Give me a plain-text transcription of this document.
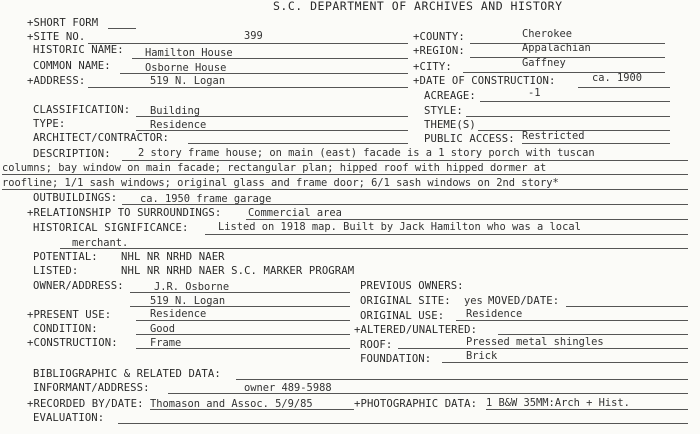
S.C. DEPARTMENT OF ARCHIVES AND HISTORY
+SHORT FORM
+SITE NO.	399	+COUNTY:	Cherokee
HISTORIC NAME: Hamilton House	+REGION:	Appalachian
COMMON NAME:	Osborne House	+CITY:	Gaffney
+ADDRESS:	519 N. Logan	+DATE OF CONSTRUCTION:	ca. 1900
ACREAGE:	-1
CLASSIFICATION: Building	STYLE:
TYPE:	Residence	THEME(S)
ARCHITECT/CONTRACTOR:	PUBLIC ACCESS: Restricted
DESCRIPTION:	2 story frame house; on main (east) facade is a 1 story porch with tuscan
columns; bay window on main facade; rectangular plan; hipped roof with hipped dormer at
roofline; 1/1 sash windows; original glass and frame door; 6/1 sash windows on 2nd story*
OUTBUILDINGS: ca. 1950 frame garage
+RELATIONSHIP TO SURROUNDINGS:	Commercial area
HISTORICAL SIGNIFICANCE:	Listed on 1918 map. Built by Jack Hamilton who was a local
merchant.
POTENTIAL: NHL NR NRHD NAER
LISTED:	NHL NR NRHD NAER S.C. MARKER PROGRAM
OWNER/ADDRESS:	J.R. Osborne	PREVIOUS OWNERS:
519 N. Logan	ORIGINAL SITE: yes MOVED/DATE:
+PRESENT USE:	Residence	ORIGINAL USE: Residence
CONDITION:	Good	+ALTERED/UNALTERED:
+CONSTRUCTION:	Frame	ROOF:	Pressed metal shingles
FOUNDATION:	Brick
BIBLIOGRAPHIC & RELATED DATA:
INFORMANT/ADDRESS:	owner 489-5988
+RECORDED BY/DATE: Thomason and Assoc. 5/9/85	+PHOTOGRAPHIC DATA: 1 B&W 35MM:Arch + Hist.
EVALUATION:
